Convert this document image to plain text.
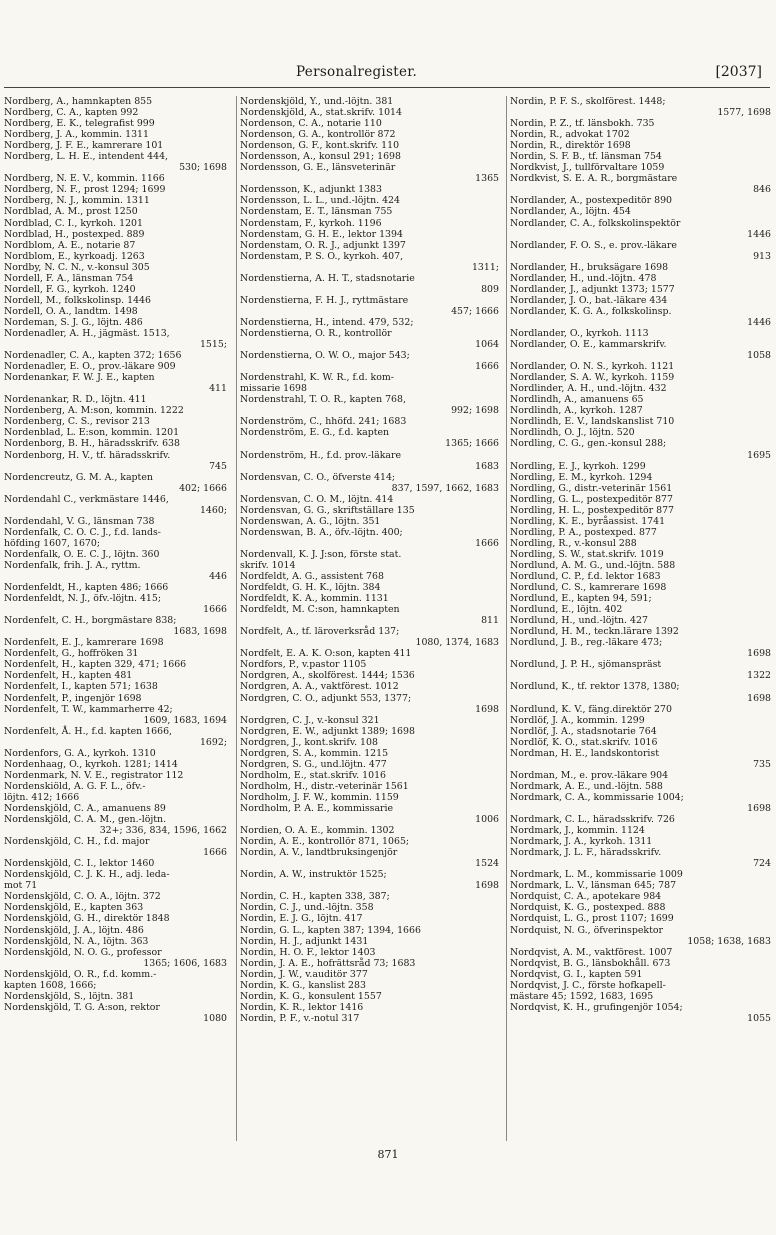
Personalregister.	[2037]
Nordberg, A., hamnkapten 855
Nordberg, C. A., kapten 992
Nordberg, E. K., telegrafist 999
Nordberg, J. A., kommin. 1311
Nordberg, J. F. E., kamrerare 101
Nordberg, L. H. E., intendent 444,
530; 1698
Nordberg, N. E. V., kommin. 1166
Nordberg, N. F., prost 1294; 1699
Nordberg, N. J., kommin. 1311
Nordblad, A. M., prost 1250
Nordblad, C. I., kyrkoh. 1201
Nordblad, H., postexped. 889
Nordblom, A. E., notarie 87
Nordblom, E., kyrkoadj. 1263
Nordby, N. C. N., v.-konsul 305
Nordell, F. A., länsman 754
Nordell, F. G., kyrkoh. 1240
Nordell, M., folkskolinsp. 1446
Nordell, O. A., landtm. 1498
Nordeman, S. J. G., löjtn. 486
Nordenadler, A. H., jägmäst. 1513,
1515;
Nordenadler, C. A., kapten 372; 1656
Nordenadler, E. O., prov.-läkare 909
Nordenankar, F. W. J. E., kapten
411
Nordenankar, R. D., löjtn. 411
Nordenberg, A. M:son, kommin. 1222
Nordenberg, C. S., revisor 213
Nordenblad, L. E:son, kommin. 1201
Nordenborg, B. H., häradsskrifv. 638
Nordenborg, H. V., tf. häradsskrifv.
745
Nordencreutz, G. M. A., kapten
402; 1666
Nordendahl C., verkmästare 1446,
1460;
Nordendahl, V. G., länsman 738
Nordenfalk, C. O. C. J., f.d. lands-
höfding 1607, 1670;
Nordenfalk, O. E. C. J., löjtn. 360
Nordenfalk, frih. J. A., ryttm.
446
Nordenfeldt, H., kapten 486; 1666
Nordenfeldt, N. J., öfv.-löjtn. 415;
1666
Nordenfelt, C. H., borgmästare 838;
1683, 1698
Nordenfelt, E. J., kamrerare 1698
Nordenfelt, G., hoffröken 31
Nordenfelt, H., kapten 329, 471; 1666
Nordenfelt, H., kapten 481
Nordenfelt, I., kapten 571; 1638
Nordenfelt, P., ingenjör 1698
Nordenfelt, T. W., kammarherre 42;
1609, 1683, 1694
Nordenfelt, Å. H., f.d. kapten 1666,
1692;
Nordenfors, G. A., kyrkoh. 1310
Nordenhaag, O., kyrkoh. 1281; 1414
Nordenmark, N. V. E., registrator 112
Nordenskiöld, A. G. F. L., öfv.-
löjtn. 412; 1666
Nordenskjöld, C. A., amanuens 89
Nordenskjöld, C. A. M., gen.-löjtn.
32+; 336, 834, 1596, 1662
Nordenskjöld, C. H., f.d. major
1666
Nordenskjöld, C. I., lektor 1460
Nordenskjöld, C. J. K. H., adj. leda-
mot 71
Nordenskjöld, C. O. A., löjtn. 372
Nordenskjöld, E., kapten 363
Nordenskjöld, G. H., direktör 1848
Nordenskjöld, J. A., löjtn. 486
Nordenskjöld, N. A., löjtn. 363
Nordenskjöld, N. O. G., professor
1365; 1606, 1683
Nordenskjöld, O. R., f.d. komm.-
kapten 1608, 1666;
Nordenskjöld, S., löjtn. 381
Nordenskjöld, T. G. A:son, rektor
1080
Nordenskjöld, Y., und.-löjtn. 381
Nordenskjöld, A., stat.skrifv. 1014
Nordenson, C. A., notarie 110
Nordenson, G. A., kontrollör 872
Nordenson, G. F., kont.skrifv. 110
Nordensson, A., konsul 291; 1698
Nordensson, G. E., länsveterinär
1365
Nordensson, K., adjunkt 1383
Nordensson, L. L., und.-löjtn. 424
Nordenstam, E. T., länsman 755
Nordenstam, F., kyrkoh. 1196
Nordenstam, G. H. E., lektor 1394
Nordenstam, O. R. J., adjunkt 1397
Nordenstam, P. S. O., kyrkoh. 407,
1311;
Nordenstierna, A. H. T., stadsnotarie
809
Nordenstierna, F. H. J., ryttmästare
457; 1666
Nordenstierna, H., intend. 479, 532;
Nordenstierna, O. R., kontrollör
1064
Nordenstierna, O. W. O., major 543;
1666
Nordenstrahl, K. W. R., f.d. kom-
missarie 1698
Nordenstrahl, T. O. R., kapten 768,
992; 1698
Nordenström, C., hhöfd. 241; 1683
Nordenström, E. G., f.d. kapten
1365; 1666
Nordenström, H., f.d. prov.-läkare
1683
Nordensvan, C. O., öfverste 414;
837, 1597, 1662, 1683
Nordensvan, C. O. M., löjtn. 414
Nordensvan, G. G., skriftställare 135
Nordenswan, A. G., löjtn. 351
Nordenswan, B. A., öfv.-löjtn. 400;
1666
Nordenvall, K. J. J:son, förste stat.
skrifv. 1014
Nordfeldt, A. G., assistent 768
Nordfeldt, G. H. K., löjtn. 384
Nordfeldt, K. A., kommin. 1131
Nordfeldt, M. C:son, hamnkapten
811
Nordfelt, A., tf. läroverksråd 137;
1080, 1374, 1683
Nordfelt, E. A. K. O:son, kapten 411
Nordfors, P., v.pastor 1105
Nordgren, A., skolförest. 1444; 1536
Nordgren, A. A., vaktförest. 1012
Nordgren, C. O., adjunkt 553, 1377;
1698
Nordgren, C. J., v.-konsul 321
Nordgren, E. W., adjunkt 1389; 1698
Nordgren, J., kont.skrifv. 108
Nordgren, S. A., kommin. 1215
Nordgren, S. G., und.löjtn. 477
Nordholm, E., stat.skrifv. 1016
Nordholm, H., distr.-veterinär 1561
Nordholm, J. F. W., kommin. 1159
Nordholm, P. A. E., kommissarie
1006
Nordien, O. A. E., kommin. 1302
Nordin, A. E., kontrollör 871, 1065;
Nordin, A. V., landtbruksingenjör
1524
Nordin, A. W., instruktör 1525;
1698
Nordin, C. H., kapten 338, 387;
Nordin, C. J., und.-löjtn. 358
Nordin, E. J. G., löjtn. 417
Nordin, G. L., kapten 387; 1394, 1666
Nordin, H. J., adjunkt 1431
Nordin, H. O. F., lektor 1403
Nordin, J. A. E., hofrättsråd 73; 1683
Nordin, J. W., v.auditör 377
Nordin, K. G., kanslist 283
Nordin, K. G., konsulent 1557
Nordin, K. R., lektor 1416
Nordin, P. F., v.-notul 317
Nordin, P. F. S., skolförest. 1448;
1577, 1698
Nordin, P. Z., tf. länsbokh. 735
Nordin, R., advokat 1702
Nordin, R., direktör 1698
Nordin, S. F. B., tf. länsman 754
Nordkvist, J., tullförvaltare 1059
Nordkvist, S. E. A. R., borgmästare
846
Nordlander, A., postexpeditör 890
Nordlander, A., löjtn. 454
Nordlander, C. A., folkskolinspektör
1446
Nordlander, F. O. S., e. prov.-läkare
913
Nordlander, H., bruksägare 1698
Nordlander, H., und.-löjtn. 478
Nordlander, J., adjunkt 1373; 1577
Nordlander, J. O., bat.-läkare 434
Nordlander, K. G. A., folkskolinsp.
1446
Nordlander, O., kyrkoh. 1113
Nordlander, O. E., kammarskrifv.
1058
Nordlander, O. N. S., kyrkoh. 1121
Nordlander, S. A. W., kyrkoh. 1159
Nordlinder, A. H., und.-löjtn. 432
Nordlindh, A., amanuens 65
Nordlindh, A., kyrkoh. 1287
Nordlindh, E. V., landskanslist 710
Nordlindh, O. J., löjtn. 520
Nordling, C. G., gen.-konsul 288;
1695
Nordling, E. J., kyrkoh. 1299
Nordling, E. M., kyrkoh. 1294
Nordling, G., distr.-veterinär 1561
Nordling, G. L., postexpeditör 877
Nordling, H. L., postexpeditör 877
Nordling, K. E., byråassist. 1741
Nordling, P. A., postexped. 877
Nordling, R., v.-konsul 288
Nordling, S. W., stat.skrifv. 1019
Nordlund, A. M. G., und.-löjtn. 588
Nordlund, C. P., f.d. lektor 1683
Nordlund, C. S., kamrerare 1698
Nordlund, E., kapten 94, 591;
Nordlund, E., löjtn. 402
Nordlund, H., und.-löjtn. 427
Nordlund, H. M., teckn.lärare 1392
Nordlund, J. B., reg.-läkare 473;
1698
Nordlund, J. P. H., sjömanspräst
1322
Nordlund, K., tf. rektor 1378, 1380;
1698
Nordlund, K. V., fäng.direktör 270
Nordlöf, J. A., kommin. 1299
Nordlöf, J. A., stadsnotarie 764
Nordlöf, K. O., stat.skrifv. 1016
Nordman, H. E., landskontorist
735
Nordman, M., e. prov.-läkare 904
Nordmark, A. E., und.-löjtn. 588
Nordmark, C. A., kommissarie 1004;
1698
Nordmark, C. L., häradsskrifv. 726
Nordmark, J., kommin. 1124
Nordmark, J. A., kyrkoh. 1311
Nordmark, J. L. F., häradsskrifv.
724
Nordmark, L. M., kommissarie 1009
Nordmark, L. V., länsman 645; 787
Nordquist, C. A., apotekare 984
Nordquist, K. G., postexped. 888
Nordquist, L. G., prost 1107; 1699
Nordquist, N. G., öfverinspektor
1058; 1638, 1683
Nordqvist, A. M., vaktförest. 1007
Nordqvist, B. G., länsbokhåll. 673
Nordqvist, G. I., kapten 591
Nordqvist, J. C., förste hofkapell-
mästare 45; 1592, 1683, 1695
Nordqvist, K. H., grufingenjör 1054;
1055
871
